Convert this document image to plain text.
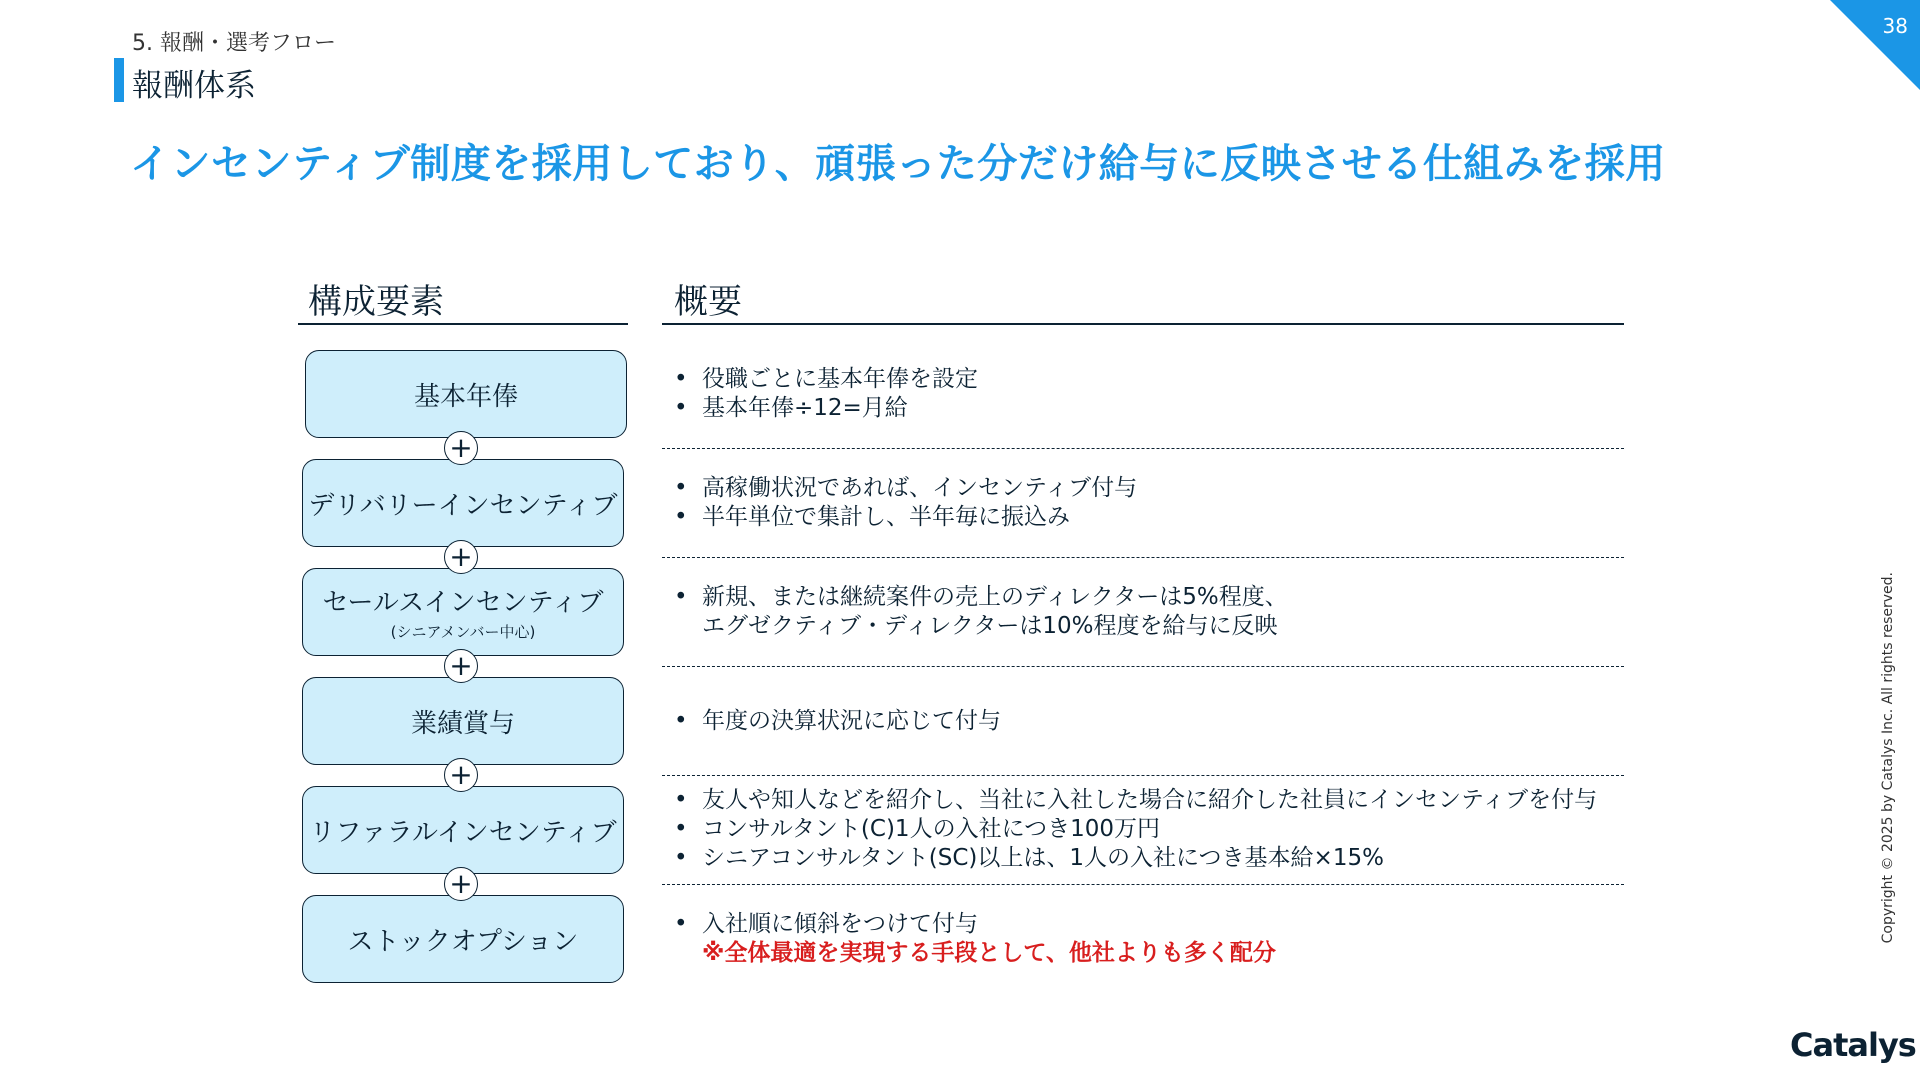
5. 報酬・選考フロー
報酬体系
インセンティブ制度を採用しており、頑張った分だけ給与に反映させる仕組みを採用
38
構成要素	概要
基本年俸
デリバリーインセンティブ
セールスインセンティブ
(シニアメンバー中心)
業績賞与
リファラルインセンティブ
ストックオプション
+
+
+
+
+
• 役職ごとに基本年俸を設定
• 基本年俸÷12=月給
• 高稼働状況であれば、インセンティブ付与
• 半年単位で集計し、半年毎に振込み
• 新規、または継続案件の売上のディレクターは5%程度、
エグゼクティブ・ディレクターは10%程度を給与に反映
• 年度の決算状況に応じて付与
• 友人や知人などを紹介し、当社に入社した場合に紹介した社員にインセンティブを付与
• コンサルタント(C)1人の入社につき100万円
• シニアコンサルタント(SC)以上は、1人の入社につき基本給×15%
• 入社順に傾斜をつけて付与
※全体最適を実現する手段として、他社よりも多く配分
Copyright © 2025 by Catalys Inc. All rights reserved.
Catalys
